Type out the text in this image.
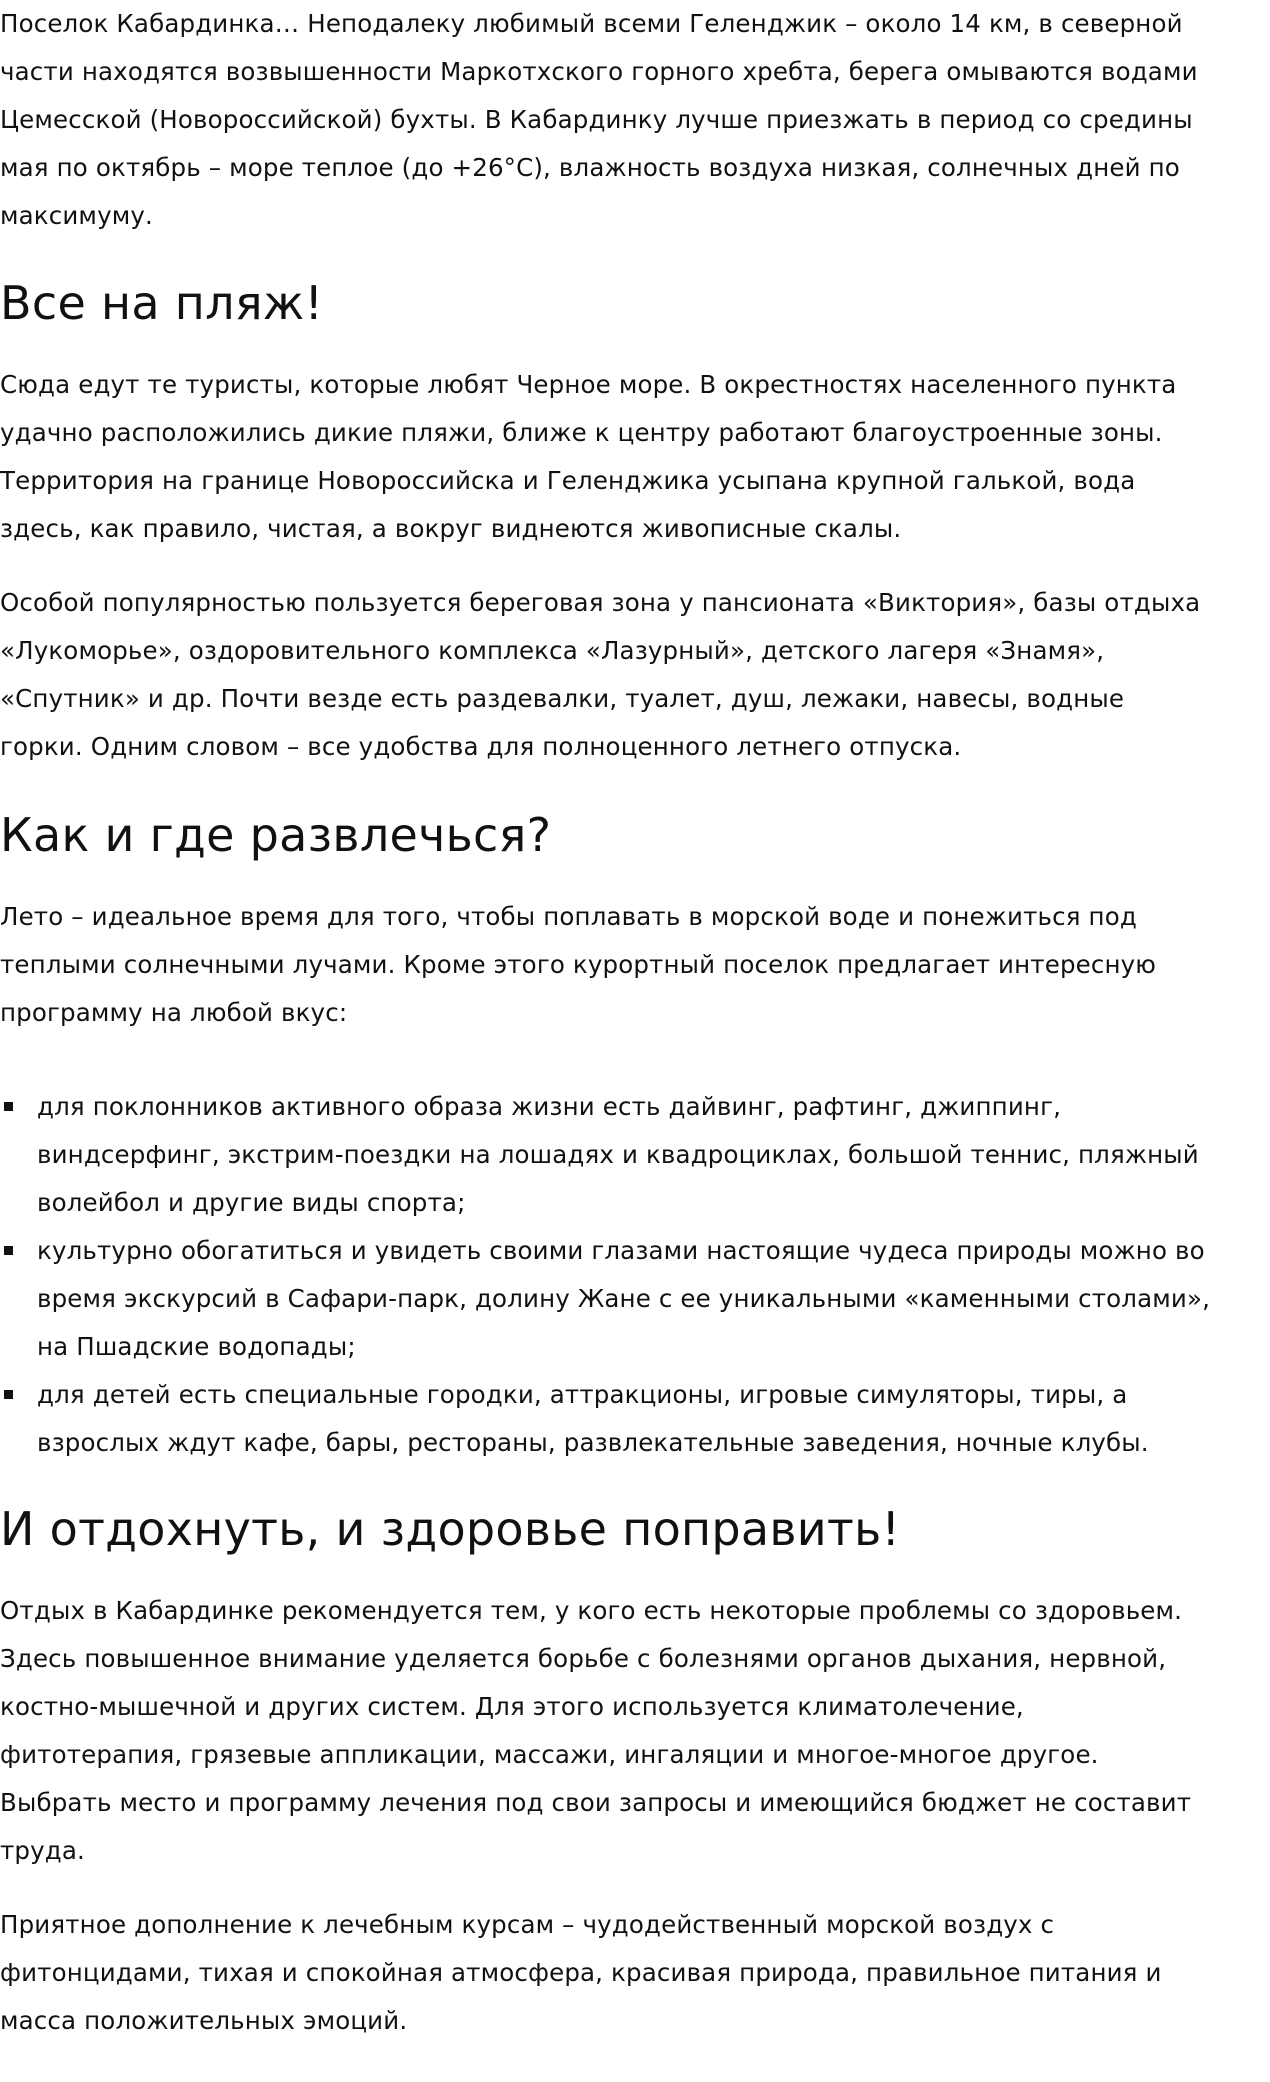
Поселок Кабардинка… Неподалеку любимый всеми Геленджик – около 14 км, в северной
части находятся возвышенности Маркотхского горного хребта, берега омываются водами
Цемесской (Новороссийской) бухты. В Кабардинку лучше приезжать в период со средины
мая по октябрь – море теплое (до +26°C), влажность воздуха низкая, солнечных дней по
максимуму.

Все на пляж!

Сюда едут те туристы, которые любят Черное море. В окрестностях населенного пункта
удачно расположились дикие пляжи, ближе к центру работают благоустроенные зоны.
Территория на границе Новороссийска и Геленджика усыпана крупной галькой, вода
здесь, как правило, чистая, а вокруг виднеются живописные скалы.

Особой популярностью пользуется береговая зона у пансионата «Виктория», базы отдыха
«Лукоморье», оздоровительного комплекса «Лазурный», детского лагеря «Знамя»,
«Спутник» и др. Почти везде есть раздевалки, туалет, душ, лежаки, навесы, водные
горки. Одним словом – все удобства для полноценного летнего отпуска.

Как и где развлечься?

Лето – идеальное время для того, чтобы поплавать в морской воде и понежиться под
теплыми солнечными лучами. Кроме этого курортный поселок предлагает интересную
программу на любой вкус:

для поклонников активного образа жизни есть дайвинг, рафтинг, джиппинг,
виндсерфинг, экстрим-поездки на лошадях и квадроциклах, большой теннис, пляжный
волейбол и другие виды спорта;
культурно обогатиться и увидеть своими глазами настоящие чудеса природы можно во
время экскурсий в Сафари-парк, долину Жане с ее уникальными «каменными столами»,
на Пшадские водопады;
для детей есть специальные городки, аттракционы, игровые симуляторы, тиры, а
взрослых ждут кафе, бары, рестораны, развлекательные заведения, ночные клубы.
И отдохнуть, и здоровье поправить!

Отдых в Кабардинке рекомендуется тем, у кого есть некоторые проблемы со здоровьем.
Здесь повышенное внимание уделяется борьбе с болезнями органов дыхания, нервной,
костно-мышечной и других систем. Для этого используется климатолечение,
фитотерапия, грязевые аппликации, массажи, ингаляции и многое-многое другое.
Выбрать место и программу лечения под свои запросы и имеющийся бюджет не составит
труда.

Приятное дополнение к лечебным курсам – чудодейственный морской воздух с
фитонцидами, тихая и спокойная атмосфера, красивая природа, правильное питания и
масса положительных эмоций.
